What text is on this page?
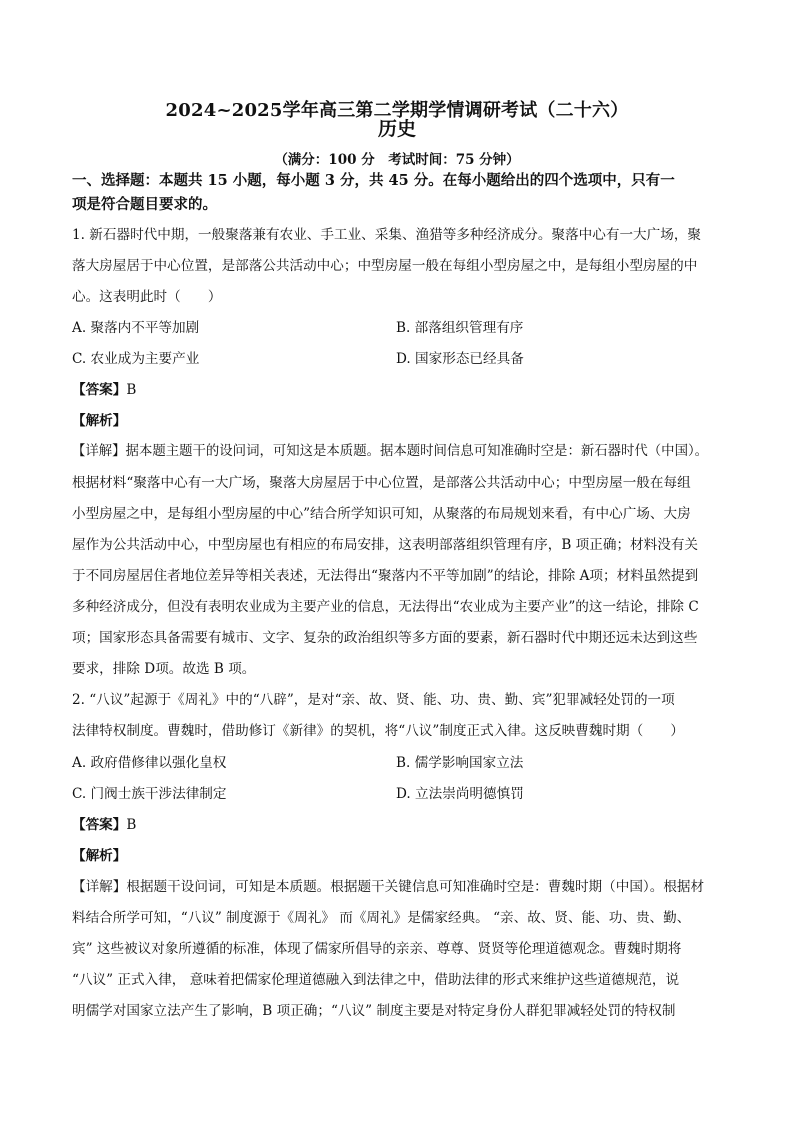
2024~2025学年高三第二学期学情调研考试（二十六）
历史
（满分：100 分　考试时间：75 分钟）
一、选择题：本题共 15 小题，每小题 3 分，共 45 分。在每小题给出的四个选项中，只有一
项是符合题目要求的。
1. 新石器时代中期，一般聚落兼有农业、手工业、采集、渔猎等多种经济成分。聚落中心有一大广场，聚
落大房屋居于中心位置，是部落公共活动中心；中型房屋一般在每组小型房屋之中，是每组小型房屋的中
心。这表明此时（　　）
A. 聚落内不平等加剧	B. 部落组织管理有序
C. 农业成为主要产业	D. 国家形态已经具备
【答案】B
【解析】
【详解】据本题主题干的设问词，可知这是本质题。据本题时间信息可知准确时空是：新石器时代（中国）。
根据材料“聚落中心有一大广场，聚落大房屋居于中心位置，是部落公共活动中心；中型房屋一般在每组
小型房屋之中，是每组小型房屋的中心”结合所学知识可知，从聚落的布局规划来看，有中心广场、大房
屋作为公共活动中心，中型房屋也有相应的布局安排，这表明部落组织管理有序，B 项正确；材料没有关
于不同房屋居住者地位差异等相关表述，无法得出“聚落内不平等加剧”的结论，排除 A项；材料虽然提到
多种经济成分，但没有表明农业成为主要产业的信息，无法得出“农业成为主要产业”的这一结论，排除 C
项；国家形态具备需要有城市、文字、复杂的政治组织等多方面的要素，新石器时代中期还远未达到这些
要求，排除 D项。故选 B 项。
2. “八议”起源于《周礼》中的“八辟”，是对“亲、故、贤、能、功、贵、勤、宾”犯罪减轻处罚的一项
法律特权制度。曹魏时，借助修订《新律》的契机，将“八议”制度正式入律。这反映曹魏时期（　　）
A. 政府借修律以强化皇权	B. 儒学影响国家立法
C. 门阀士族干涉法律制定	D. 立法崇尚明德慎罚
【答案】B
【解析】
【详解】根据题干设问词，可知是本质题。根据题干关键信息可知准确时空是：曹魏时期（中国）。根据材
料结合所学可知，“八议” 制度源于《周礼》 而《周礼》是儒家经典。 “亲、故、贤、能、功、贵、勤、
宾” 这些被议对象所遵循的标准，体现了儒家所倡导的亲亲、尊尊、贤贤等伦理道德观念。曹魏时期将
“八议” 正式入律， 意味着把儒家伦理道德融入到法律之中，借助法律的形式来维护这些道德规范，说
明儒学对国家立法产生了影响，B 项正确；“八议” 制度主要是对特定身份人群犯罪减轻处罚的特权制
